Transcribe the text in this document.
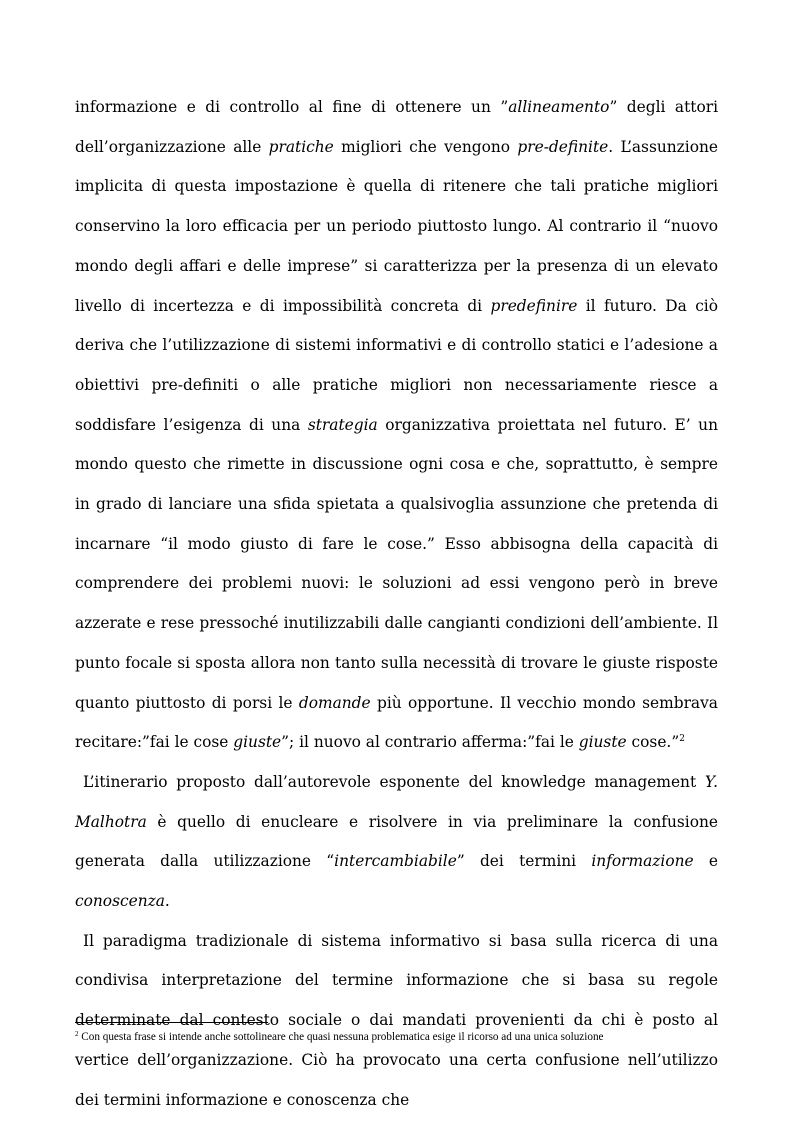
informazione e di controllo al fine di ottenere un ”allineamento” degli attori dell’organizzazione alle pratiche migliori che vengono pre-definite. L’assunzione implicita di questa impostazione è quella di ritenere che tali pratiche migliori conservino la loro efficacia per un periodo piuttosto lungo. Al contrario il “nuovo mondo degli affari e delle imprese” si caratterizza per la presenza di un elevato livello di incertezza e di impossibilità concreta di predefinire il futuro. Da ciò deriva che l’utilizzazione di sistemi informativi e di controllo statici e l’adesione a obiettivi pre-definiti o alle pratiche migliori non necessariamente riesce a soddisfare l’esigenza di una strategia organizzativa proiettata nel futuro. E’ un mondo questo che rimette in discussione ogni cosa e che, soprattutto, è sempre in grado di lanciare una sfida spietata a qualsivoglia assunzione che pretenda di incarnare “il modo giusto di fare le cose.” Esso abbisogna della capacità di comprendere dei problemi nuovi: le soluzioni ad essi vengono però in breve azzerate e rese pressoché inutilizzabili dalle cangianti condizioni dell’ambiente. Il punto focale si sposta allora non tanto sulla necessità di trovare le giuste risposte quanto piuttosto di porsi le domande più opportune. Il vecchio mondo sembrava recitare:”fai le cose giuste”; il nuovo al contrario afferma:”fai le giuste cose.”$^2$

L’itinerario proposto dall’autorevole esponente del knowledge management Y. Malhotra è quello di enucleare e risolvere in via preliminare la confusione generata dalla utilizzazione “intercambiabile” dei termini informazione e conoscenza.

Il paradigma tradizionale di sistema informativo si basa sulla ricerca di una condivisa interpretazione del termine informazione che si basa su regole determinate dal contesto sociale o dai mandati provenienti da chi è posto al vertice dell’organizzazione. Ciò ha provocato una certa confusione nell’utilizzo dei termini informazione e conoscenza che

$^2$ Con questa frase si intende anche sottolineare che quasi nessuna problematica esige il ricorso ad una unica soluzione
